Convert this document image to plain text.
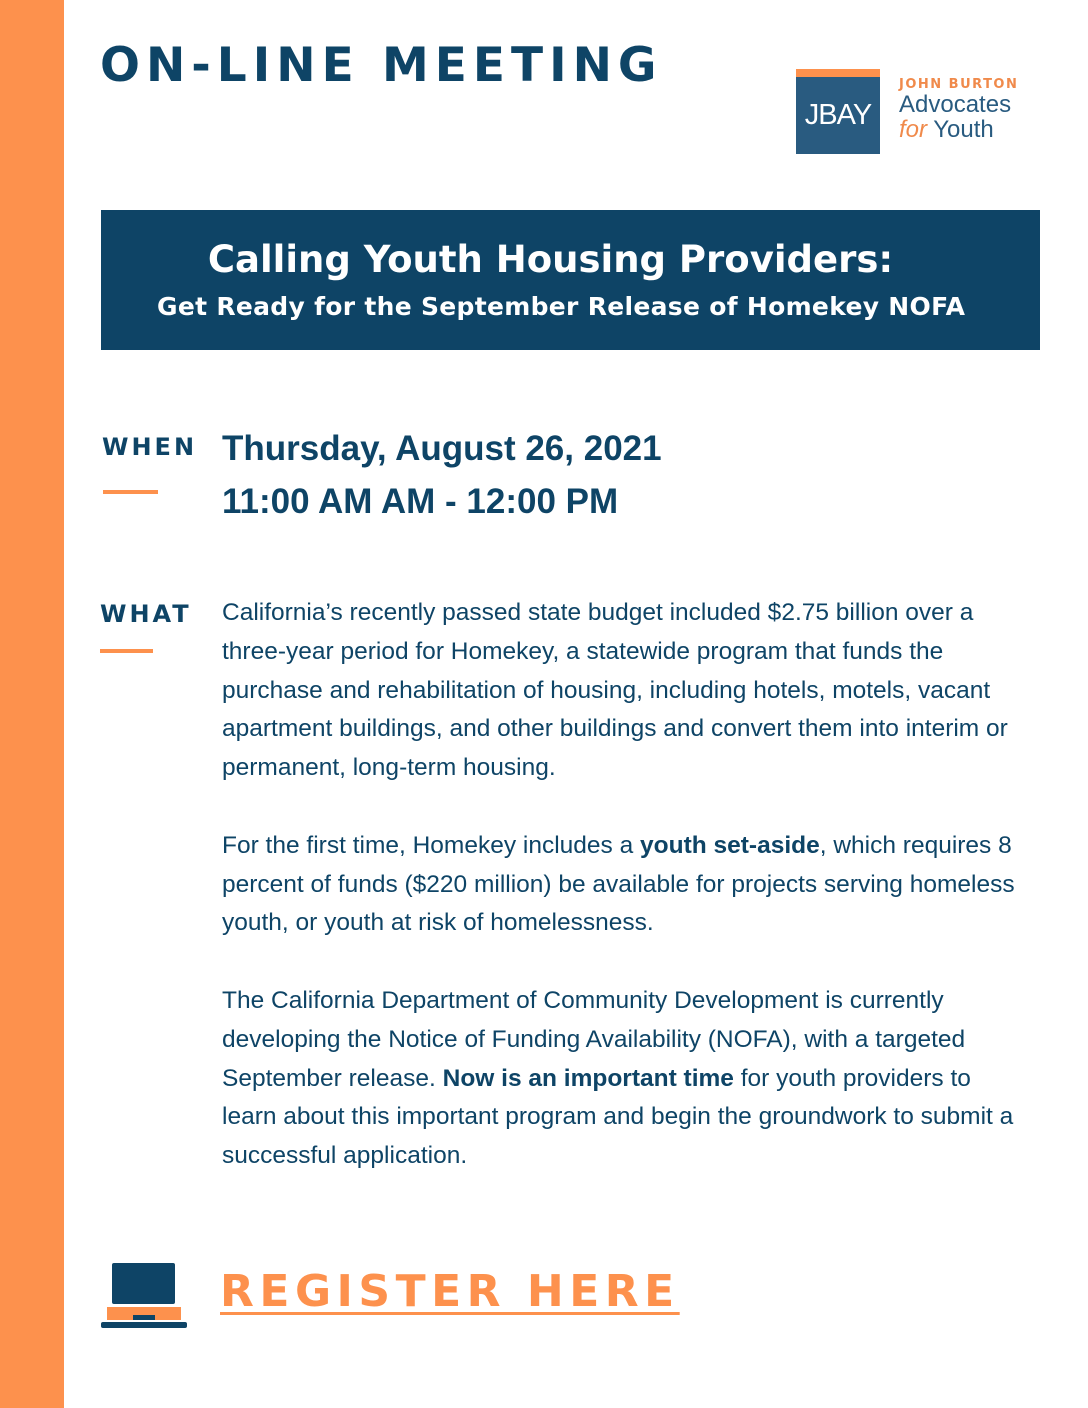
ON-LINE MEETING
JBAY
JOHN BURTON
Advocates
for Youth
Calling Youth Housing Providers:
Get Ready for the September Release of Homekey NOFA
WHEN Thursday, August 26, 2021
11:00 AM AM - 12:00 PM
WHAT California’s recently passed state budget included $2.75 billion over a three-year period for Homekey, a statewide program that funds the purchase and rehabilitation of housing, including hotels, motels, vacant apartment buildings, and other buildings and convert them into interim or permanent, long-term housing.

For the first time, Homekey includes a youth set-aside, which requires 8 percent of funds ($220 million) be available for projects serving homeless youth, or youth at risk of homelessness.

The California Department of Community Development is currently developing the Notice of Funding Availability (NOFA), with a targeted September release. Now is an important time for youth providers to learn about this important program and begin the groundwork to submit a successful application.

REGISTER HERE
